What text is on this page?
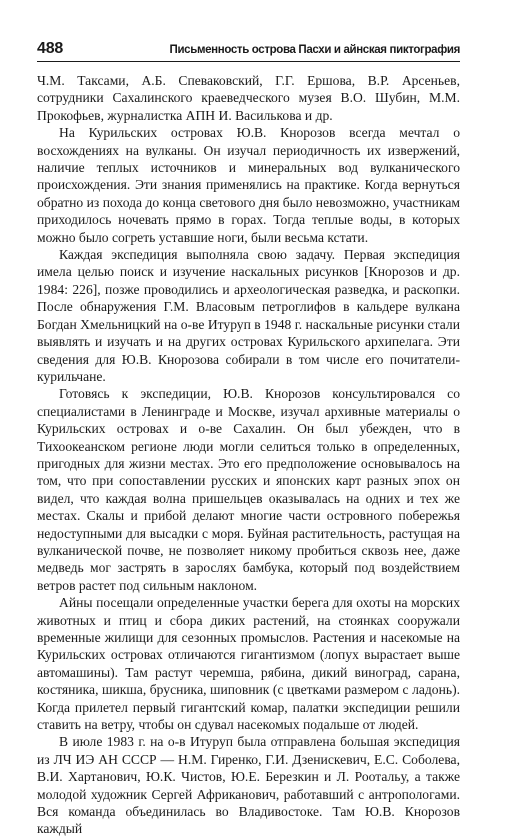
488	Письменность острова Пасхи и айнская пиктография

Ч.М. Таксами, А.Б. Спеваковский, Г.Г. Ершова, В.Р. Арсеньев, сотрудники Сахалинского краеведческого музея В.О. Шубин, М.М. Прокофьев, журналистка АПН И. Василькова и др.

На Курильских островах Ю.В. Кнорозов всегда мечтал о восхождениях на вулканы. Он изучал периодичность их извержений, наличие теплых источников и минеральных вод вулканического происхождения. Эти знания применялись на практике. Когда вернуться обратно из похода до конца светового дня было невозможно, участникам приходилось ночевать прямо в горах. Тогда теплые воды, в которых можно было согреть уставшие ноги, были весьма кстати.

Каждая экспедиция выполняла свою задачу. Первая экспедиция имела целью поиск и изучение наскальных рисунков [Кнорозов и др. 1984: 226], позже проводились и археологическая разведка, и раскопки. После обнаружения Г.М. Власовым петроглифов в кальдере вулкана Богдан Хмельницкий на о-ве Итуруп в 1948 г. наскальные рисунки стали выявлять и изучать и на других островах Курильского архипелага. Эти сведения для Ю.В. Кнорозова собирали в том числе его почитатели-курильчане.

Готовясь к экспедиции, Ю.В. Кнорозов консультировался со специалистами в Ленинграде и Москве, изучал архивные материалы о Курильских островах и о-ве Сахалин. Он был убежден, что в Тихоокеанском регионе люди могли селиться только в определенных, пригодных для жизни местах. Это его предположение основывалось на том, что при сопоставлении русских и японских карт разных эпох он видел, что каждая волна пришельцев оказывалась на одних и тех же местах. Скалы и прибой делают многие части островного побережья недоступными для высадки с моря. Буйная растительность, растущая на вулканической почве, не позволяет никому пробиться сквозь нее, даже медведь мог застрять в зарослях бамбука, который под воздействием ветров растет под сильным наклоном.

Айны посещали определенные участки берега для охоты на морских животных и птиц и сбора диких растений, на стоянках сооружали временные жилищи для сезонных промыслов. Растения и насекомые на Курильских островах отличаются гигантизмом (лопух вырастает выше автомашины). Там растут черемша, рябина, дикий виноград, саранa, костяника, шикша, брусника, шиповник (с цветками размером с ладонь). Когда прилетел первый гигантский комар, палатки экспедиции решили ставить на ветру, чтобы он сдувал насекомых подальше от людей.

В июле 1983 г. на о-в Итуруп была отправлена большая экспедиция из ЛЧ ИЭ АН СССР — Н.М. Гиренко, Г.И. Дзенискевич, Е.С. Соболева, В.И. Хартанович, Ю.К. Чистов, Ю.Е. Березкин и Л. Роотальу, а также молодой художник Сергей Африканович, работавший с антропологами. Вся команда объединилась во Владивостоке. Там Ю.В. Кнорозов каждый
